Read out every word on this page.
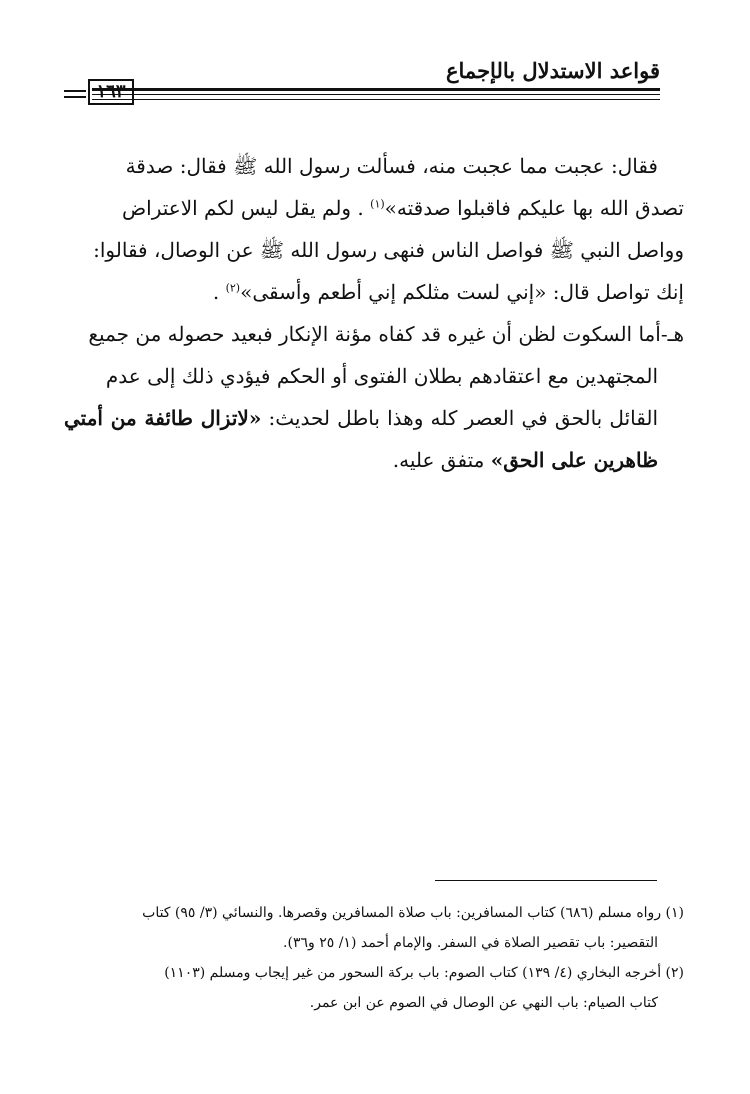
قواعد الاستدلال بالإجماع
١٦٣

فقال: عجبت مما عجبت منه، فسألت رسول الله ﷺ فقال: صدقة

تصدق الله بها عليكم فاقبلوا صدقته»$^{(١)}$ . ولم يقل ليس لكم الاعتراض

وواصل النبي ﷺ فواصل الناس فنهى رسول الله ﷺ عن الوصال، فقالوا:

إنك تواصل قال: «إني لست مثلكم إني أطعم وأسقى»$^{(٢)}$ .

هـ-أما السكوت لظن أن غيره قد كفاه مؤنة الإنكار فبعيد حصوله من جميع

المجتهدين مع اعتقادهم بطلان الفتوى أو الحكم فيؤدي ذلك إلى عدم

القائل بالحق في العصر كله وهذا باطل لحديث: «لاتزال طائفة من أمتي ظاهرين على الحق» متفق عليه.

(١) رواه مسلم (٦٨٦) كتاب المسافرين: باب صلاة المسافرين وقصرها. والنسائي (٣/ ٩٥) كتاب

التقصير: باب تقصير الصلاة في السفر. والإمام أحمد (١/ ٢٥ و٣٦).

(٢) أخرجه البخاري (٤/ ١٣٩) كتاب الصوم: باب بركة السحور من غير إيجاب ومسلم (١١٠٣)

كتاب الصيام: باب النهي عن الوصال في الصوم عن ابن عمر.
